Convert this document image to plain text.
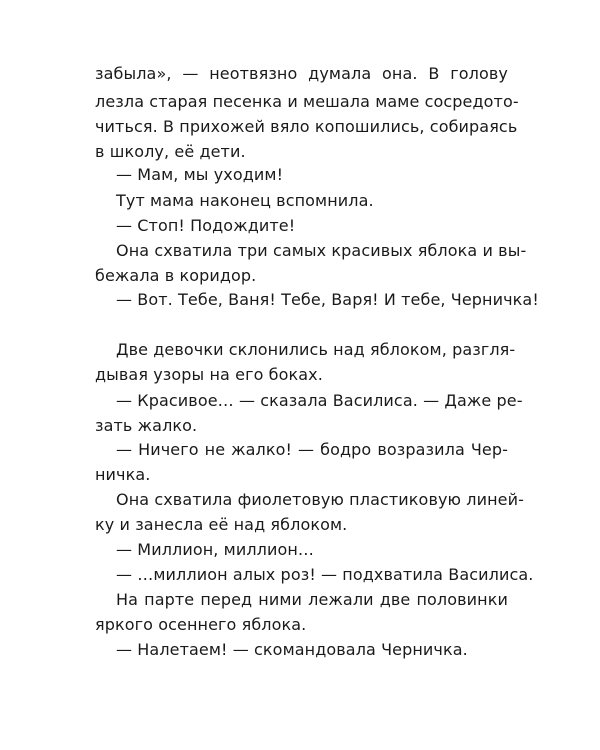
забыла», — неотвязно думала она. В голову
лезла старая песенка и мешала маме сосредото-
читься. В прихожей вяло копошились, собираясь
в школу, её дети.
— Мам, мы уходим!
Тут мама наконец вспомнила.
— Стоп! Подождите!
Она схватила три самых красивых яблока и вы-
бежала в коридор.
— Вот. Тебе, Ваня! Тебе, Варя! И тебе, Черничка!
Две девочки склонились над яблоком, разгля-
дывая узоры на его боках.
— Красивое… — сказала Василиса. — Даже ре-
зать жалко.
— Ничего не жалко! — бодро возразила Чер-
ничка.
Она схватила фиолетовую пластиковую линей-
ку и занесла её над яблоком.
— Миллион, миллион…
— …миллион алых роз! — подхватила Василиса.
На парте перед ними лежали две половинки
яркого осеннего яблока.
— Налетаем! — скомандовала Черничка.
